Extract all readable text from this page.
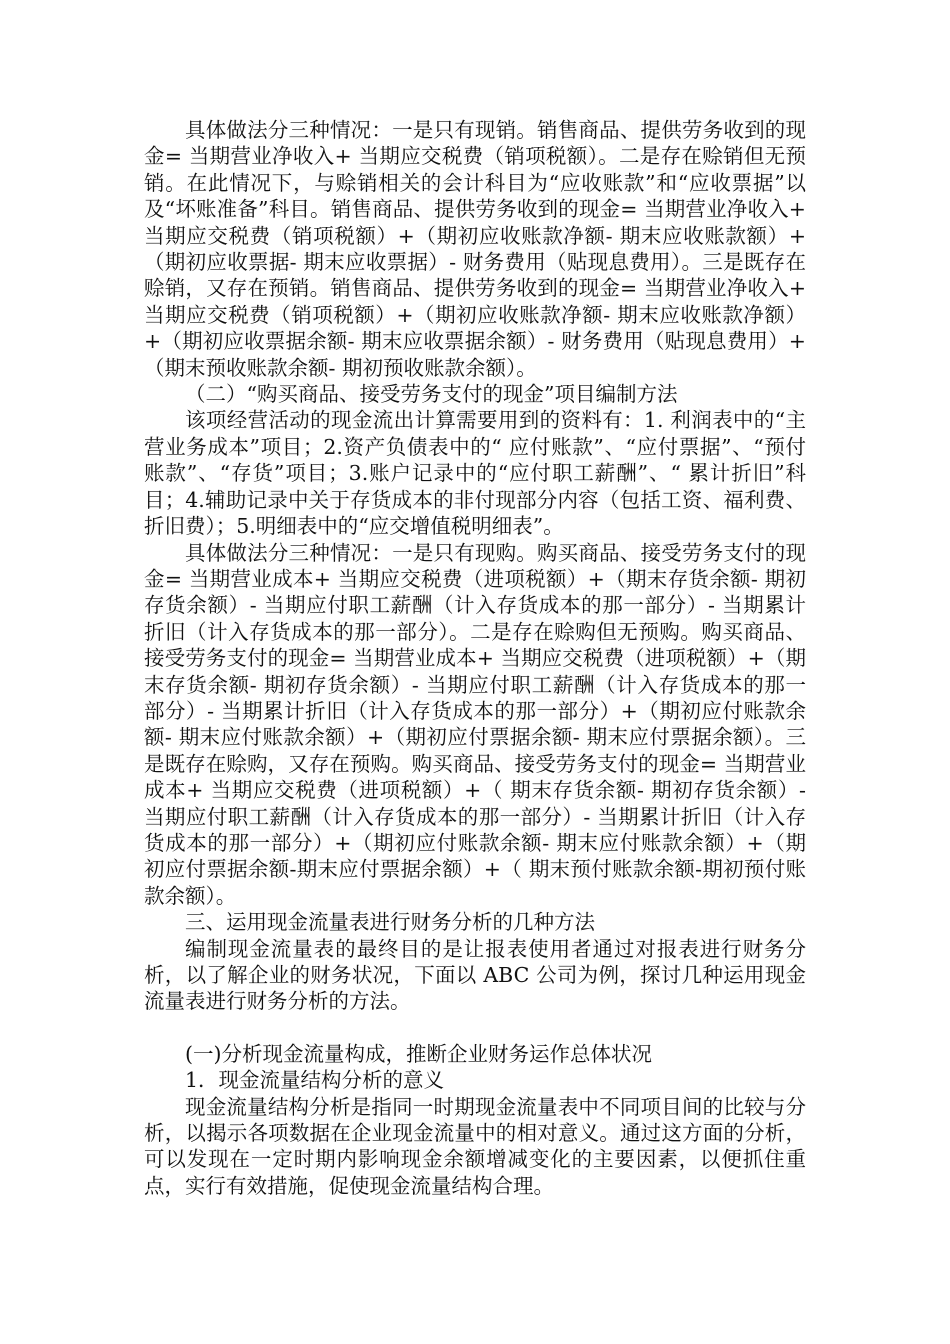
具体做法分三种情况：一是只有现销。销售商品、提供劳务收到的现金= 当期营业净收入+ 当期应交税费（销项税额）。二是存在赊销但无预销。在此情况下，与赊销相关的会计科目为“应收账款”和“应收票据”以及“坏账准备”科目。销售商品、提供劳务收到的现金= 当期营业净收入+ 当期应交税费（销项税额）+（期初应收账款净额- 期末应收账款额）+（期初应收票据- 期末应收票据）- 财务费用（贴现息费用）。三是既存在赊销，又存在预销。销售商品、提供劳务收到的现金= 当期营业净收入+ 当期应交税费（销项税额）+（期初应收账款净额- 期末应收账款净额）+（期初应收票据余额- 期末应收票据余额）- 财务费用（贴现息费用）+（期末预收账款余额- 期初预收账款余额）。

（二）“购买商品、接受劳务支付的现金”项目编制方法

该项经营活动的现金流出计算需要用到的资料有：1. 利润表中的“主营业务成本”项目；2.资产负债表中的“ 应付账款”、“应付票据”、“预付账款”、“存货”项目；3.账户记录中的“应付职工薪酬”、“ 累计折旧”科目；4.辅助记录中关于存货成本的非付现部分内容（包括工资、福利费、折旧费）；5.明细表中的“应交增值税明细表”。

具体做法分三种情况：一是只有现购。购买商品、接受劳务支付的现金= 当期营业成本+ 当期应交税费（进项税额）+（期末存货余额- 期初存货余额）- 当期应付职工薪酬（计入存货成本的那一部分）- 当期累计折旧（计入存货成本的那一部分）。二是存在赊购但无预购。购买商品、接受劳务支付的现金= 当期营业成本+ 当期应交税费（进项税额）+（期末存货余额- 期初存货余额）- 当期应付职工薪酬（计入存货成本的那一部分）- 当期累计折旧（计入存货成本的那一部分）+（期初应付账款余额- 期末应付账款余额）+（期初应付票据余额- 期末应付票据余额）。三是既存在赊购，又存在预购。购买商品、接受劳务支付的现金= 当期营业成本+ 当期应交税费（进项税额）+（ 期末存货余额- 期初存货余额）- 当期应付职工薪酬（计入存货成本的那一部分）- 当期累计折旧（计入存货成本的那一部分）+（期初应付账款余额- 期末应付账款余额）+（期初应付票据余额-期末应付票据余额）+（ 期末预付账款余额-期初预付账款余额）。

三、运用现金流量表进行财务分析的几种方法

编制现金流量表的最终目的是让报表使用者通过对报表进行财务分析，以了解企业的财务状况，下面以 ABC 公司为例，探讨几种运用现金流量表进行财务分析的方法。

(一)分析现金流量构成，推断企业财务运作总体状况

1．现金流量结构分析的意义

现金流量结构分析是指同一时期现金流量表中不同项目间的比较与分析，以揭示各项数据在企业现金流量中的相对意义。通过这方面的分析，可以发现在一定时期内影响现金余额增减变化的主要因素，以便抓住重点，实行有效措施，促使现金流量结构合理。
